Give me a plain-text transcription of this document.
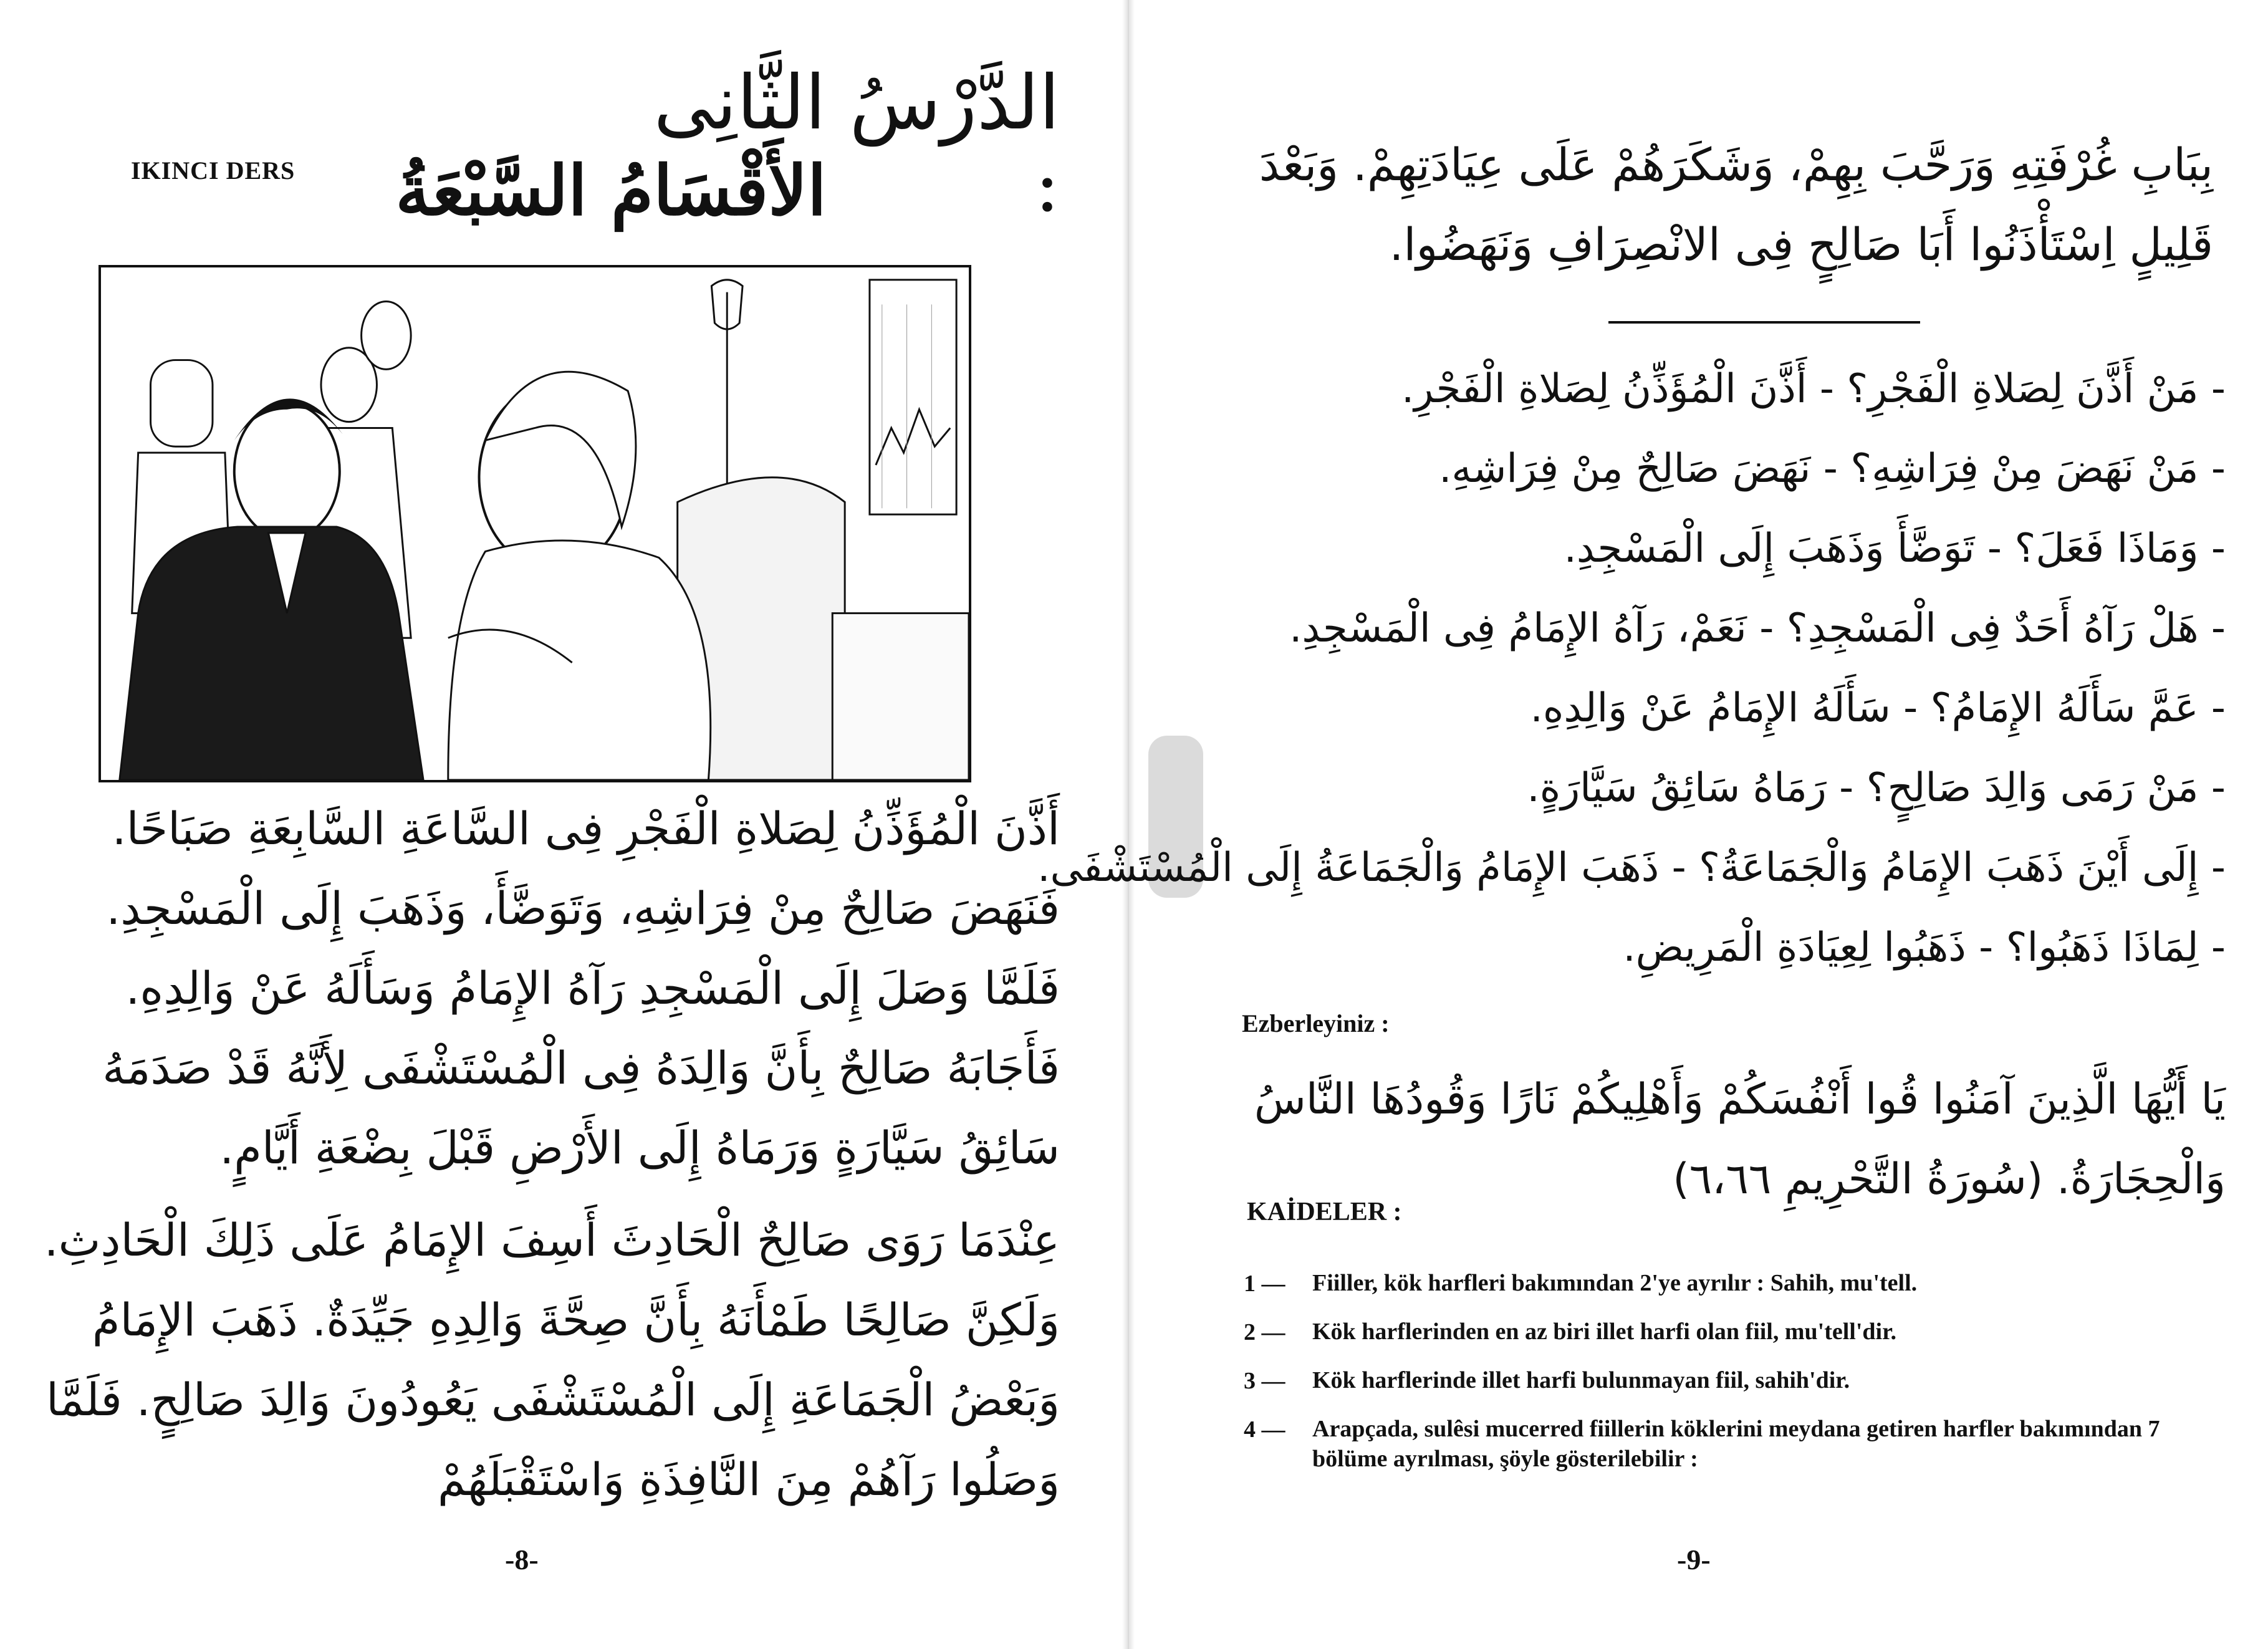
الدَّرْسُ الثَّانِى :
IKINCI DERS الأَقْسَامُ السَّبْعَةُ
أَذَّنَ الْمُؤَذِّنُ لِصَلاةِ الْفَجْرِ فِى السَّاعَةِ السَّابِعَةِ صَبَاحًا. فَنَهَضَ صَالِحٌ مِنْ فِرَاشِهِ، وَتَوَضَّأَ، وَذَهَبَ إِلَى الْمَسْجِدِ. فَلَمَّا وَصَلَ إِلَى الْمَسْجِدِ رَآهُ الإِمَامُ وَسَأَلَهُ عَنْ وَالِدِهِ. فَأَجَابَهُ صَالِحٌ بِأَنَّ وَالِدَهُ فِى الْمُسْتَشْفَى لِأَنَّهُ قَدْ صَدَمَهُ سَائِقُ سَيَّارَةٍ وَرَمَاهُ إِلَى الأَرْضِ قَبْلَ بِضْعَةِ أَيَّامٍ.
عِنْدَمَا رَوَى صَالِحٌ الْحَادِثَ أَسِفَ الإِمَامُ عَلَى ذَلِكَ الْحَادِثِ. وَلَكِنَّ صَالِحًا طَمْأَنَهُ بِأَنَّ صِحَّةَ وَالِدِهِ جَيِّدَةٌ. ذَهَبَ الإِمَامُ وَبَعْضُ الْجَمَاعَةِ إِلَى الْمُسْتَشْفَى يَعُودُونَ وَالِدَ صَالِحٍ. فَلَمَّا وَصَلُوا رَآهُمْ مِنَ النَّافِذَةِ وَاسْتَقْبَلَهُمْ
-8-
بِبَابِ غُرْفَتِهِ وَرَحَّبَ بِهِمْ، وَشَكَرَهُمْ عَلَى عِيَادَتِهِمْ. وَبَعْدَ قَلِيلٍ اِسْتَأْذَنُوا أَبَا صَالِحٍ فِى الانْصِرَافِ وَنَهَضُوا.
- مَنْ أَذَّنَ لِصَلاةِ الْفَجْرِ؟ - أَذَّنَ الْمُؤَذِّنُ لِصَلاةِ الْفَجْرِ.
- مَنْ نَهَضَ مِنْ فِرَاشِهِ؟ - نَهَضَ صَالِحٌ مِنْ فِرَاشِهِ.
- وَمَاذَا فَعَلَ؟ - تَوَضَّأَ وَذَهَبَ إِلَى الْمَسْجِدِ.
- هَلْ رَآهُ أَحَدٌ فِى الْمَسْجِدِ؟ - نَعَمْ، رَآهُ الإِمَامُ فِى الْمَسْجِدِ.
- عَمَّ سَأَلَهُ الإِمَامُ؟ - سَأَلَهُ الإِمَامُ عَنْ وَالِدِهِ.
- مَنْ رَمَى وَالِدَ صَالِحٍ؟ - رَمَاهُ سَائِقُ سَيَّارَةٍ.
- إِلَى أَيْنَ ذَهَبَ الإِمَامُ وَالْجَمَاعَةُ؟ - ذَهَبَ الإِمَامُ وَالْجَمَاعَةُ إِلَى الْمُسْتَشْفَى.
- لِمَاذَا ذَهَبُوا؟ - ذَهَبُوا لِعِيَادَةِ الْمَرِيضِ.
Ezberleyiniz :
يَا أَيُّهَا الَّذِينَ آمَنُوا قُوا أَنْفُسَكُمْ وَأَهْلِيكُمْ نَارًا وَقُودُهَا النَّاسُ وَالْحِجَارَةُ. (سُورَةُ التَّحْرِيمِ ٦،٦٦)
KAİDELER :
1 —	Fiiller, kök harfleri bakımından 2'ye ayrılır : Sahih, mu'tell.
2 —	Kök harflerinden en az biri illet harfi olan fiil, mu'tell'dir.
3 —	Kök harflerinde illet harfi bulunmayan fiil, sahih'dir.
4 —	Arapçada, sulêsi mucerred fiillerin köklerini meydana getiren harfler bakımından 7 bölüme ayrılması, şöyle gösterilebilir :
-9-
